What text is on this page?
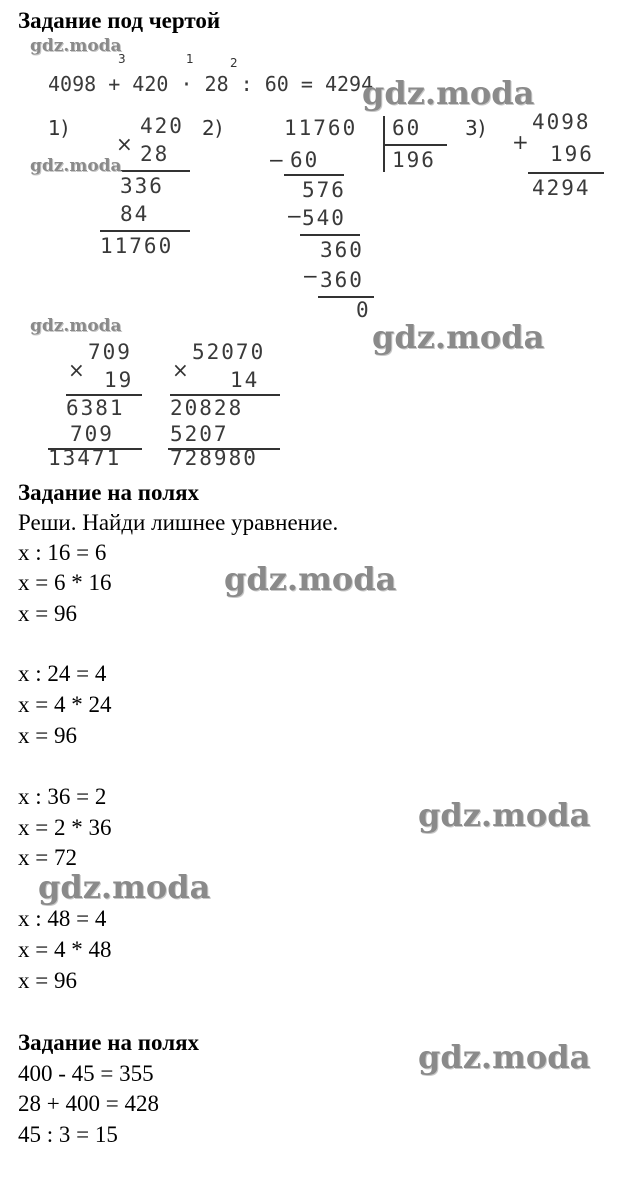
Задание под чертой
3	1	2
4098 + 420 · 28 : 60 = 4294
1)	2)	3)
×
420
28
336
84
11760
11760 60
196
− 60
576
− 540
360
− 360
0
4098
+ 196
4294
×
709
19
6381
709
13471
×
52070
14
20828
5207
728980
Задание на полях
Реши. Найди лишнее уравнение.
x : 16 = 6
x = 6 * 16
x = 96
x : 24 = 4
x = 4 * 24
x = 96
x : 36 = 2
x = 2 * 36
x = 72
x : 48 = 4
x = 4 * 48
x = 96
Задание на полях
400 - 45 = 355
28 + 400 = 428
45 : 3 = 15
gdz.moda
gdz.moda
gdz.moda
gdz.moda	gdz.moda
gdz.moda
gdz.moda
gdz.moda
gdz.moda
